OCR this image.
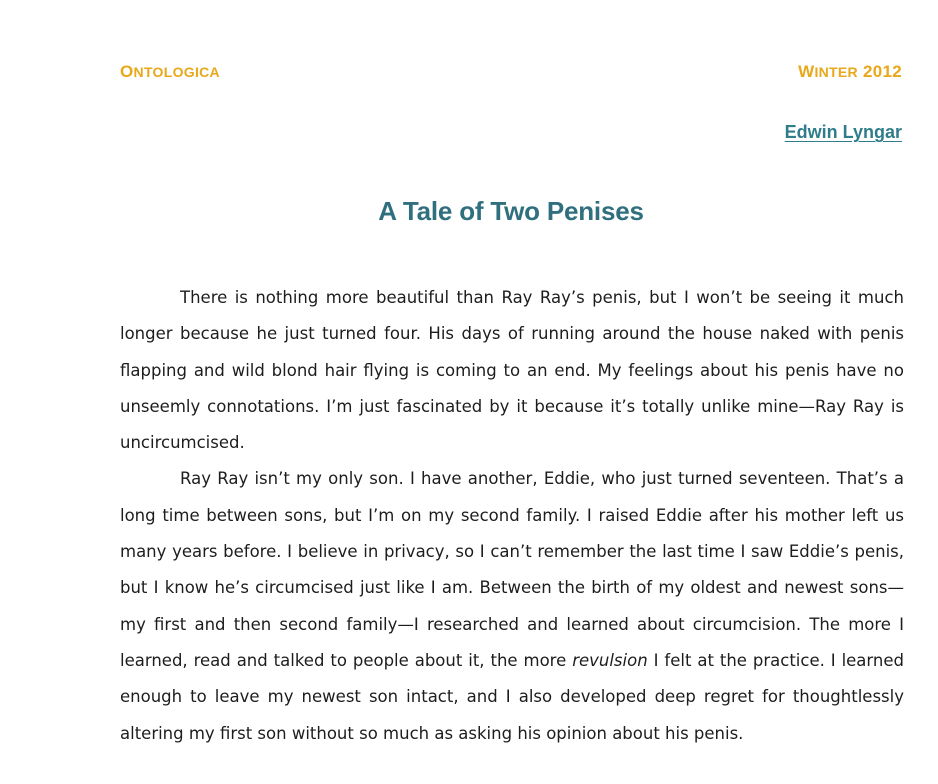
ONTOLOGICA	WINTER 2012
Edwin Lyngar
A Tale of Two Penises

There is nothing more beautiful than Ray Ray’s penis, but I won’t be seeing it much longer because he just turned four. His days of running around the house naked with penis flapping and wild blond hair flying is coming to an end. My feelings about his penis have no unseemly connotations. I’m just fascinated by it because it’s totally unlike mine—Ray Ray is uncircumcised.

Ray Ray isn’t my only son. I have another, Eddie, who just turned seventeen. That’s a long time between sons, but I’m on my second family. I raised Eddie after his mother left us many years before. I believe in privacy, so I can’t remember the last time I saw Eddie’s penis, but I know he’s circumcised just like I am. Between the birth of my oldest and newest sons—my first and then second family—I researched and learned about circumcision. The more I learned, read and talked to people about it, the more revulsion I felt at the practice. I learned enough to leave my newest son intact, and I also developed deep regret for thoughtlessly altering my first son without so much as asking his opinion about his penis.
